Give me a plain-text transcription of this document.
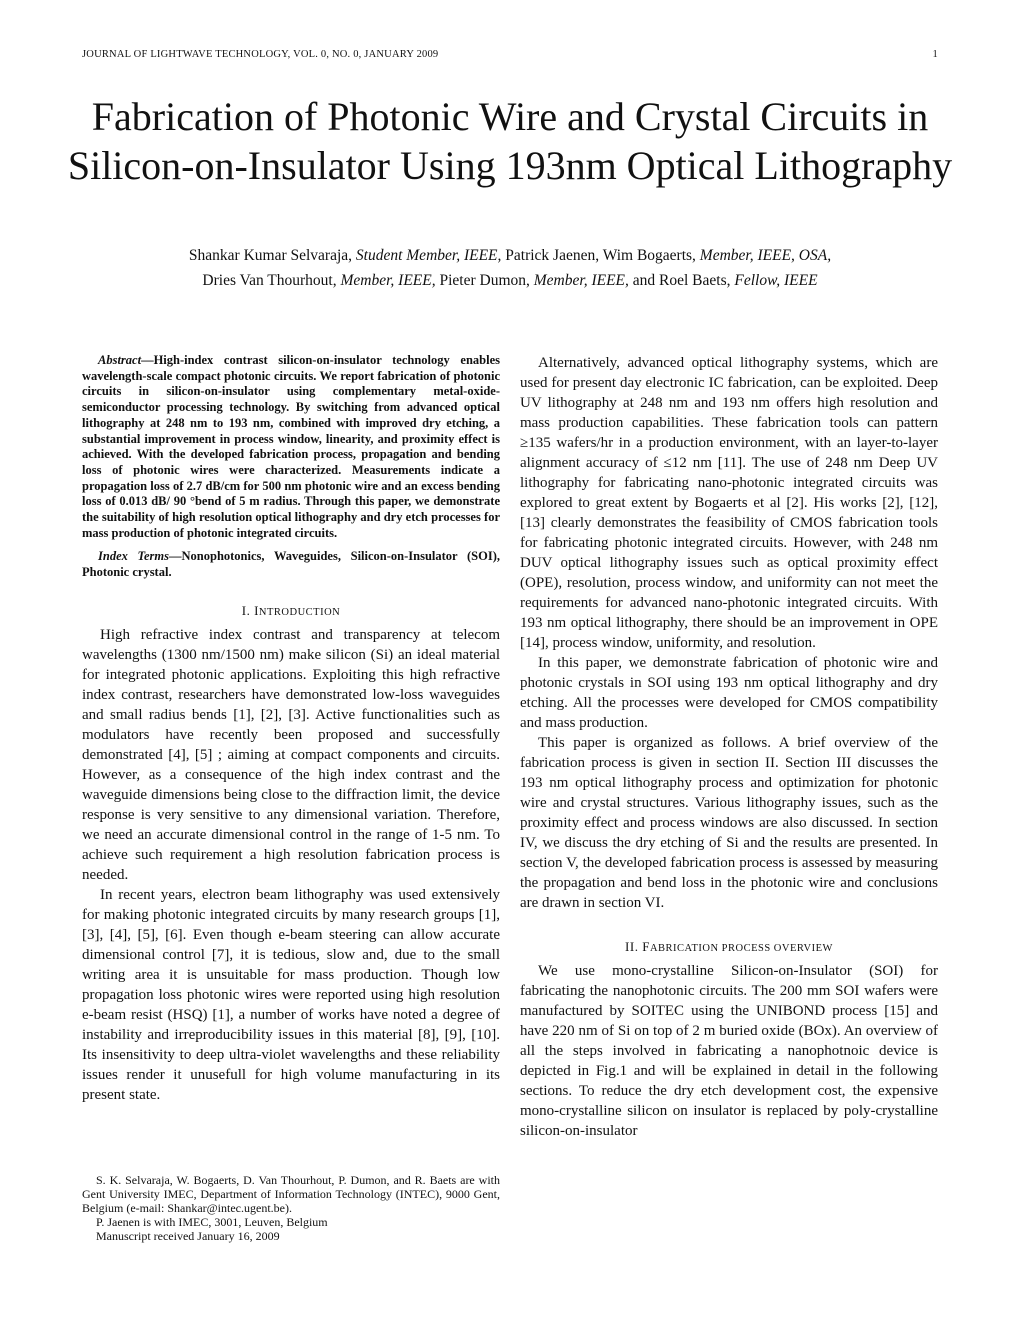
JOURNAL OF LIGHTWAVE TECHNOLOGY, VOL. 0, NO. 0, JANUARY 2009	1
Fabrication of Photonic Wire and Crystal Circuits in Silicon-on-Insulator Using 193nm Optical Lithography
Shankar Kumar Selvaraja, Student Member, IEEE, Patrick Jaenen, Wim Bogaerts, Member, IEEE, OSA,
Dries Van Thourhout, Member, IEEE, Pieter Dumon, Member, IEEE, and Roel Baets, Fellow, IEEE

Abstract—High-index contrast silicon-on-insulator technology enables wavelength-scale compact photonic circuits. We report fabrication of photonic circuits in silicon-on-insulator using complementary metal-oxide-semiconductor processing technology. By switching from advanced optical lithography at 248 nm to 193 nm, combined with improved dry etching, a substantial improvement in process window, linearity, and proximity effect is achieved. With the developed fabrication process, propagation and bending loss of photonic wires were characterized. Measurements indicate a propagation loss of 2.7 dB/cm for 500 nm photonic wire and an excess bending loss of 0.013 dB/ 90 °bend of 5 m radius. Through this paper, we demonstrate the suitability of high resolution optical lithography and dry etch processes for mass production of photonic integrated circuits.

Index Terms—Nonophotonics, Waveguides, Silicon-on-Insulator (SOI), Photonic crystal.

I. INTRODUCTION

High refractive index contrast and transparency at telecom wavelengths (1300 nm/1500 nm) make silicon (Si) an ideal material for integrated photonic applications. Exploiting this high refractive index contrast, researchers have demonstrated low-loss waveguides and small radius bends [1], [2], [3]. Active functionalities such as modulators have recently been proposed and successfully demonstrated [4], [5] ; aiming at compact components and circuits. However, as a consequence of the high index contrast and the waveguide dimensions being close to the diffraction limit, the device response is very sensitive to any dimensional variation. Therefore, we need an accurate dimensional control in the range of 1-5 nm. To achieve such requirement a high resolution fabrication process is needed.

In recent years, electron beam lithography was used extensively for making photonic integrated circuits by many research groups [1], [3], [4], [5], [6]. Even though e-beam steering can allow accurate dimensional control [7], it is tedious, slow and, due to the small writing area it is unsuitable for mass production. Though low propagation loss photonic wires were reported using high resolution e-beam resist (HSQ) [1], a number of works have noted a degree of instability and irreproducibility issues in this material [8], [9], [10]. Its insensitivity to deep ultra-violet wavelengths and these reliability issues render it unusefull for high volume manufacturing in its present state.

Alternatively, advanced optical lithography systems, which are used for present day electronic IC fabrication, can be exploited. Deep UV lithography at 248 nm and 193 nm offers high resolution and mass production capabilities. These fabrication tools can pattern ≥135 wafers/hr in a production environment, with an layer-to-layer alignment accuracy of ≤12 nm [11]. The use of 248 nm Deep UV lithography for fabricating nano-photonic integrated circuits was explored to great extent by Bogaerts et al [2]. His works [2], [12], [13] clearly demonstrates the feasibility of CMOS fabrication tools for fabricating photonic integrated circuits. However, with 248 nm DUV optical lithography issues such as optical proximity effect (OPE), resolution, process window, and uniformity can not meet the requirements for advanced nano-photonic integrated circuits. With 193 nm optical lithography, there should be an improvement in OPE [14], process window, uniformity, and resolution.

In this paper, we demonstrate fabrication of photonic wire and photonic crystals in SOI using 193 nm optical lithography and dry etching. All the processes were developed for CMOS compatibility and mass production.

This paper is organized as follows. A brief overview of the fabrication process is given in section II. Section III discusses the 193 nm optical lithography process and optimization for photonic wire and crystal structures. Various lithography issues, such as the proximity effect and process windows are also discussed. In section IV, we discuss the dry etching of Si and the results are presented. In section V, the developed fabrication process is assessed by measuring the propagation and bend loss in the photonic wire and conclusions are drawn in section VI.

II. FABRICATION PROCESS OVERVIEW

We use mono-crystalline Silicon-on-Insulator (SOI) for fabricating the nanophotonic circuits. The 200 mm SOI wafers were manufactured by SOITEC using the UNIBOND process [15] and have 220 nm of Si on top of 2 m buried oxide (BOx). An overview of all the steps involved in fabricating a nanophotnoic device is depicted in Fig.1 and will be explained in detail in the following sections. To reduce the dry etch development cost, the expensive mono-crystalline silicon on insulator is replaced by poly-crystalline silicon-on-insulator

S. K. Selvaraja, W. Bogaerts, D. Van Thourhout, P. Dumon, and R. Baets are with Gent University IMEC, Department of Information Technology (INTEC), 9000 Gent, Belgium (e-mail: Shankar@intec.ugent.be).

P. Jaenen is with IMEC, 3001, Leuven, Belgium

Manuscript received January 16, 2009
